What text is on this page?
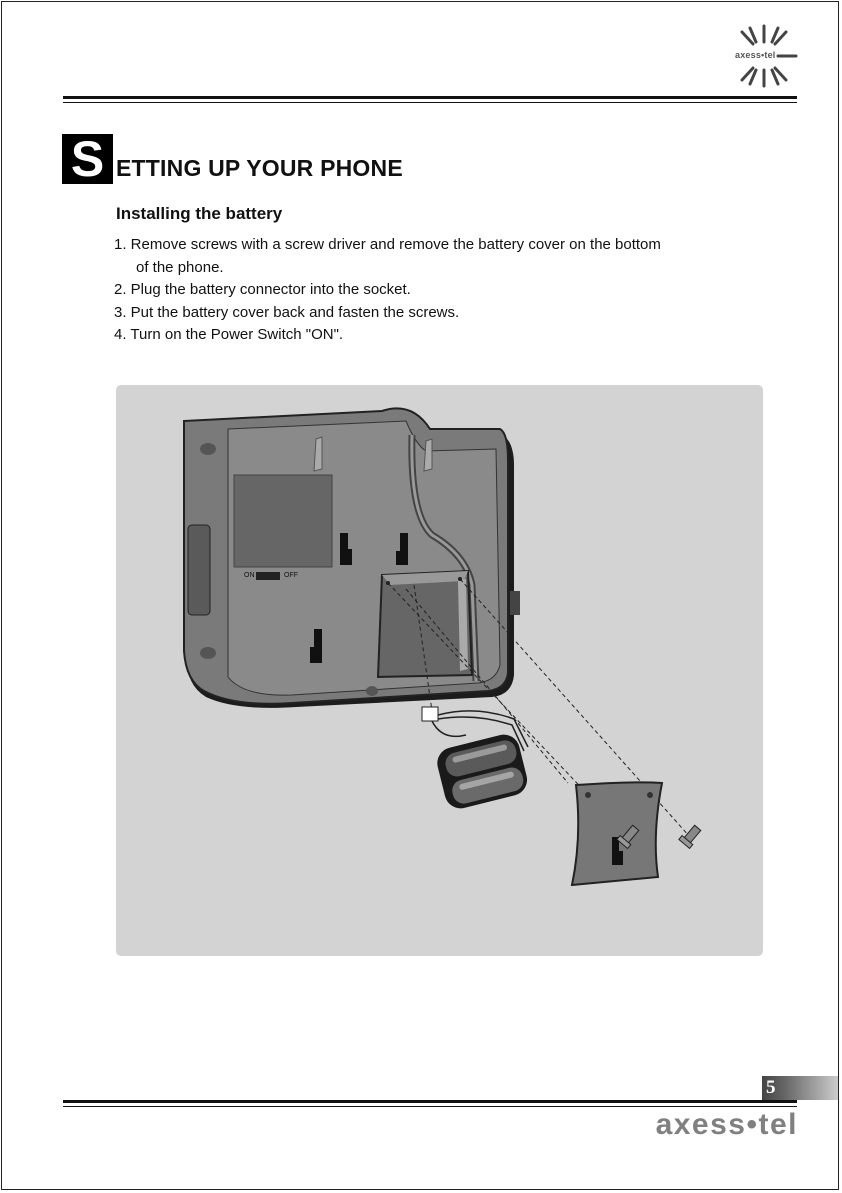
axess•tel
S ETTING UP YOUR PHONE
Installing the battery
1. Remove screws with a screw driver and remove the battery cover on the bottom
of the phone.
2. Plug the battery connector into the socket.
3. Put the battery cover back and fasten the screws.
4. Turn on the Power Switch "ON".
ON	OFF
5
axess•tel
